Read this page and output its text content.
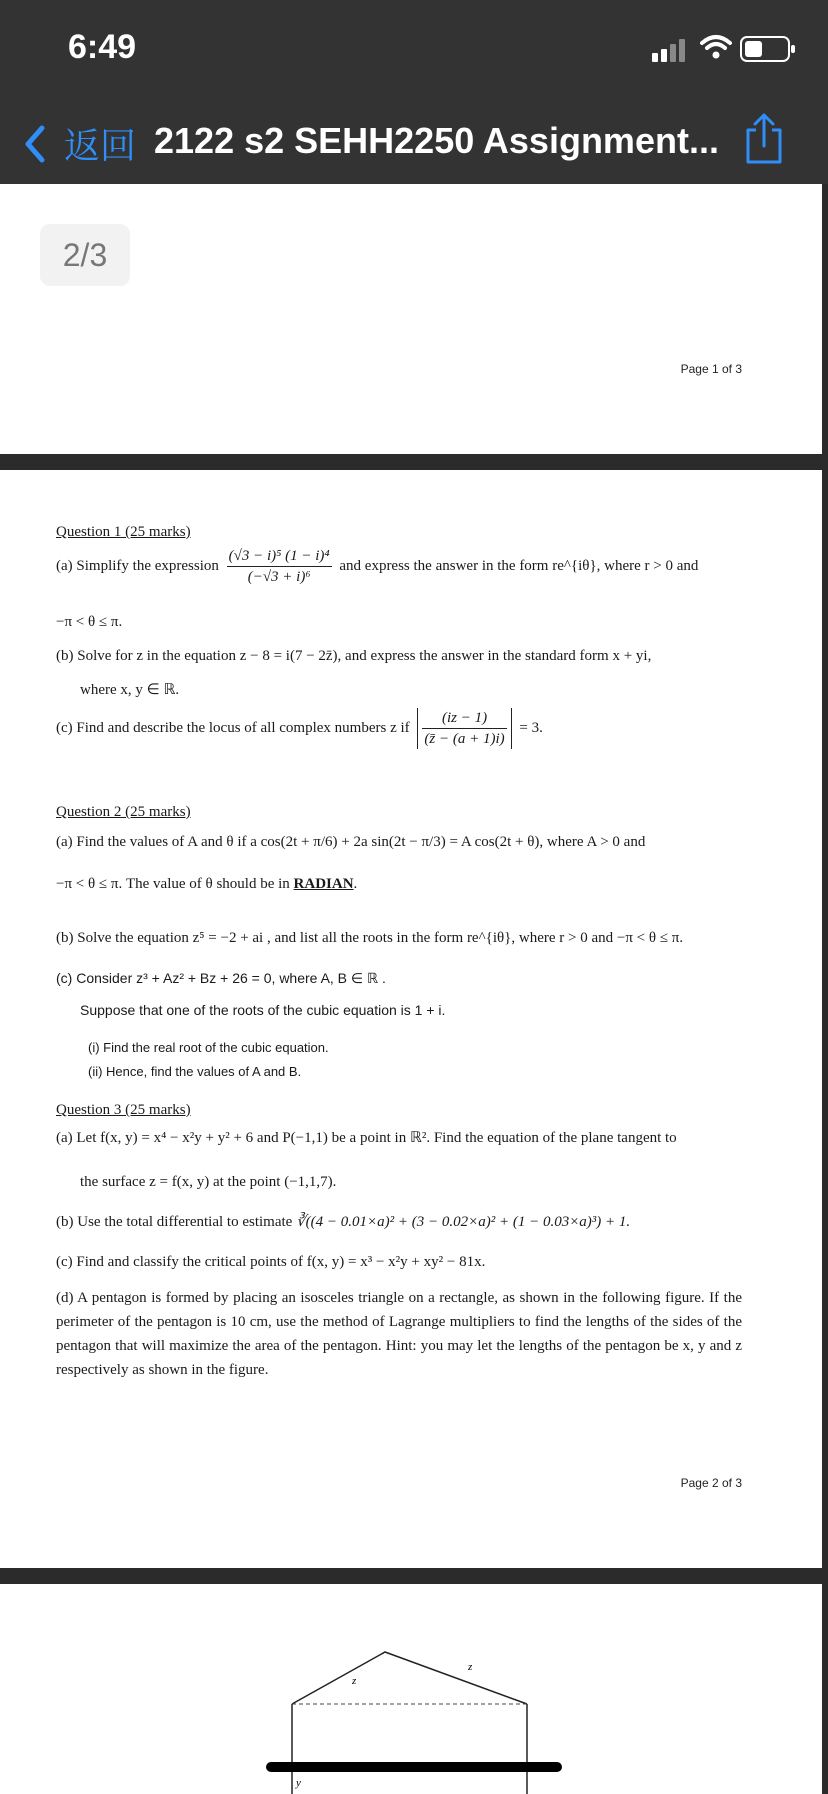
6:49
返回 2122 s2 SEHH2250 Assignment...
2/3
Page 1 of 3
Question 1 (25 marks)
(a) Simplify the expression $\frac{\text{(√3 − i)⁵ (1 − i)⁴}}{\text{(−√3 + i)⁶}}$ and express the answer in the form re^{iθ}, where r > 0 and
−π < θ ≤ π.
(b) Solve for z in the equation z − 8 = i(7 − 2z̄), and express the answer in the standard form x + yi,
where x, y ∈ ℝ.
(c) Find and describe the locus of all complex numbers z if $\frac{(iz - 1)}{(z̄ - (a + 1)i)} = 3$.
Question 2 (25 marks)
(a) Find the values of A and θ if a cos(2t + π/6) + 2a sin(2t − π/3) = A cos(2t + θ), where A > 0 and
−π < θ ≤ π. The value of θ should be in RADIAN.
(b) Solve the equation z⁵ = −2 + ai , and list all the roots in the form re^{iθ}, where r > 0 and −π < θ ≤ π.
(c) Consider z³ + Az² + Bz + 26 = 0, where A, B ∈ ℝ .
Suppose that one of the roots of the cubic equation is 1 + i.
(i) Find the real root of the cubic equation.
(ii) Hence, find the values of A and B.
Question 3 (25 marks)
(a) Let f(x, y) = x⁴ − x²y + y² + 6 and P(−1,1) be a point in ℝ². Find the equation of the plane tangent to
the surface z = f(x, y) at the point (−1,1,7).
(b) Use the total differential to estimate ∛((4 − 0.01×a)² + (3 − 0.02×a)² + (1 − 0.03×a)³) + 1.
(c) Find and classify the critical points of f(x, y) = x³ − x²y + xy² − 81x.
(d) A pentagon is formed by placing an isosceles triangle on a rectangle, as shown in the following figure. If the perimeter of the pentagon is 10 cm, use the method of Lagrange multipliers to find the lengths of the sides of the pentagon that will maximize the area of the pentagon. Hint: you may let the lengths of the pentagon be x, y and z respectively as shown in the figure.
Page 2 of 3
z
z
y
